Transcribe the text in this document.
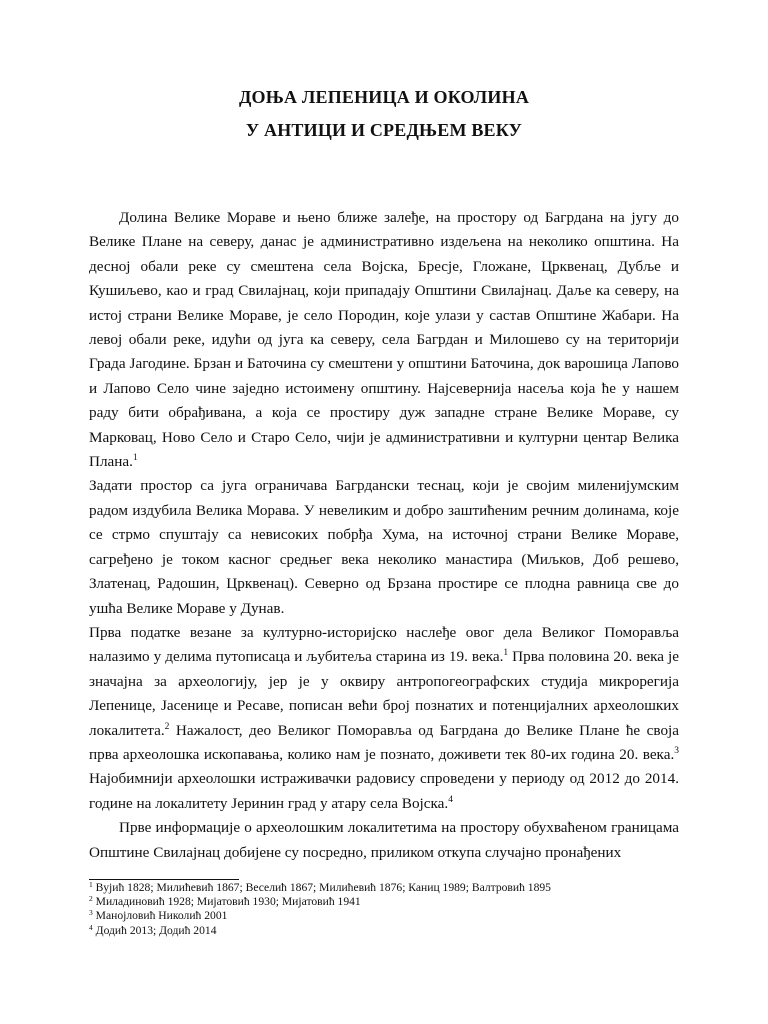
ДОЊА ЛЕПЕНИЦА И ОКОЛИНА
У АНТИЦИ И СРЕДЊЕМ ВЕКУ

Долина Велике Мораве и њено ближе залеђе, на простору од Багрдана на југу до Велике Плане на северу, данас је административно издељена на неколико општина. На десној обали реке су смештена села Војска, Бресје, Гложане, Црквенац, Дубље и Кушиљево, као и град Свилајнац, који припадају Општини Свилајнац. Даље ка северу, на истој страни Велике Мораве, је село Породин, које улази у састав Општине Жабари. На левој обали реке, идући од југа ка северу, села Багрдан и Милошево су на територији Града Јагодине. Брзан и Баточина су смештени у општини Баточина, док варошица Лапово и Лапово Село чине заједно истоимену општину. Најсевернија насеља која ће у нашем раду бити обрађивана, а која се простиру дуж западне стране Велике Мораве, су Марковац, Ново Село и Старо Село, чији је административни и културни центар Велика Плана.$^1$

Задати простор са југа ограничава Багрдански теснац, који је својим миленијумским радом издубила Велика Морава. У невеликим и добро заштићеним речним долинама, које се стрмо спуштају са невисоких побрђа Хума, на источној страни Велике Мораве, сагређено је током касног средњег века неколико манастира (Миљков, Доб решево, Златенац, Радошин, Црквенац). Северно од Брзана простире се плодна равница све до ушћа Велике Мораве у Дунав.

Прва податке везане за културно-историјско наслеђе овог дела Великог Поморавља налазимо у делима путописаца и љубитеља старина из 19. века.$^1$ Прва половина 20. века је значајна за археологију, јер је у оквиру антропогеографских студија микрорегија Лепенице, Јасенице и Ресаве, пописан већи број познатих и потенцијалних археолошких локалитета.$^2$ Нажалост, део Великог Поморавља од Багрдана до Велике Плане ће своја прва археолошка ископавања, колико нам је познато, доживети тек 80-их година 20. века.$^3$ Најобимнији археолошки истраживачки радовису спроведени у периоду од 2012 до 2014. године на локалитету Јеринин град у атару села Војска.$^4$

Прве информације о археолошким локалитетима на простору обухваћеном границама Општине Свилајнац добијене су посредно, приликом откупа случајно пронађених

$^1$ Вујић 1828; Милићевић 1867; Веселић 1867; Милићевић 1876; Каниц 1989; Валтровић 1895
$^2$ Миладиновић 1928; Мијатовић 1930; Мијатовић 1941
$^3$ Манојловић Николић 2001
$^4$ Додић 2013; Додић 2014
